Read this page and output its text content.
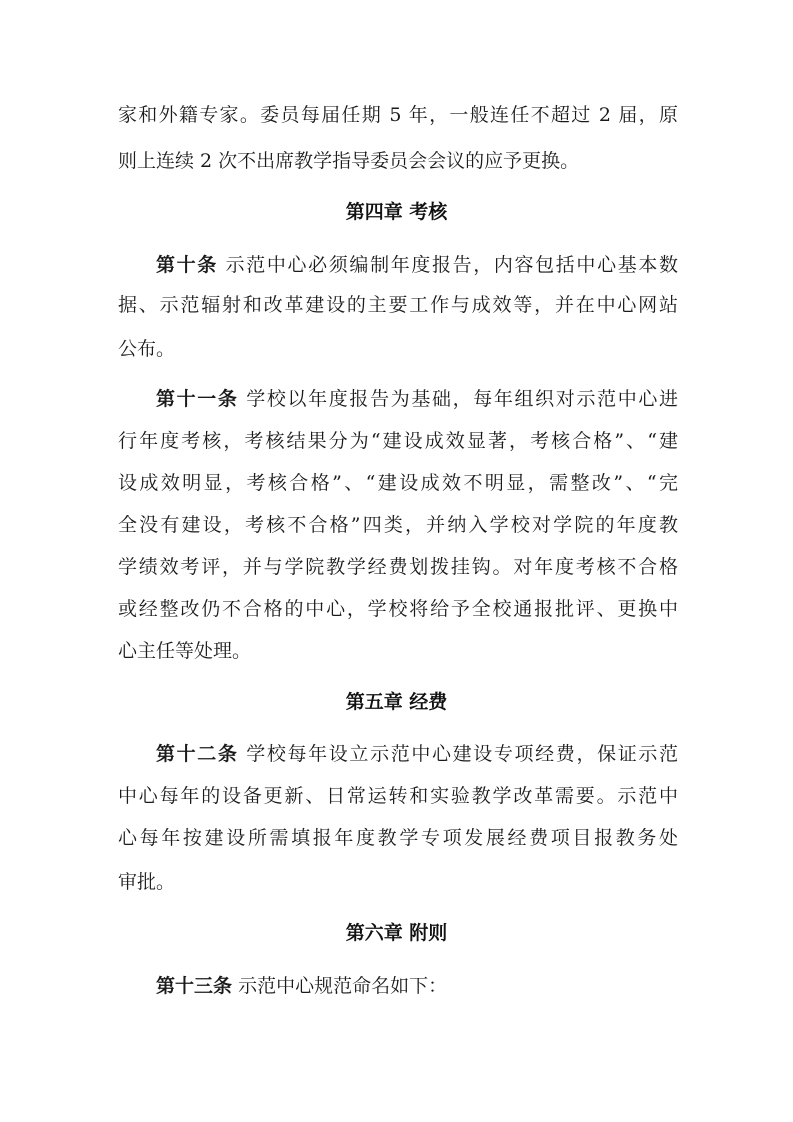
家和外籍专家。委员每届任期 5 年，一般连任不超过 2 届，原
则上连续 2 次不出席教学指导委员会会议的应予更换。
第四章 考核
第十条 示范中心必须编制年度报告，内容包括中心基本数
据、示范辐射和改革建设的主要工作与成效等，并在中心网站
公布。
第十一条 学校以年度报告为基础，每年组织对示范中心进
行年度考核，考核结果分为“建设成效显著，考核合格”、“建
设成效明显，考核合格”、“建设成效不明显，需整改”、“完
全没有建设，考核不合格”四类，并纳入学校对学院的年度教
学绩效考评，并与学院教学经费划拨挂钩。对年度考核不合格
或经整改仍不合格的中心，学校将给予全校通报批评、更换中
心主任等处理。
第五章 经费
第十二条 学校每年设立示范中心建设专项经费，保证示范
中心每年的设备更新、日常运转和实验教学改革需要。示范中
心每年按建设所需填报年度教学专项发展经费项目报教务处
审批。
第六章 附则
第十三条 示范中心规范命名如下：
